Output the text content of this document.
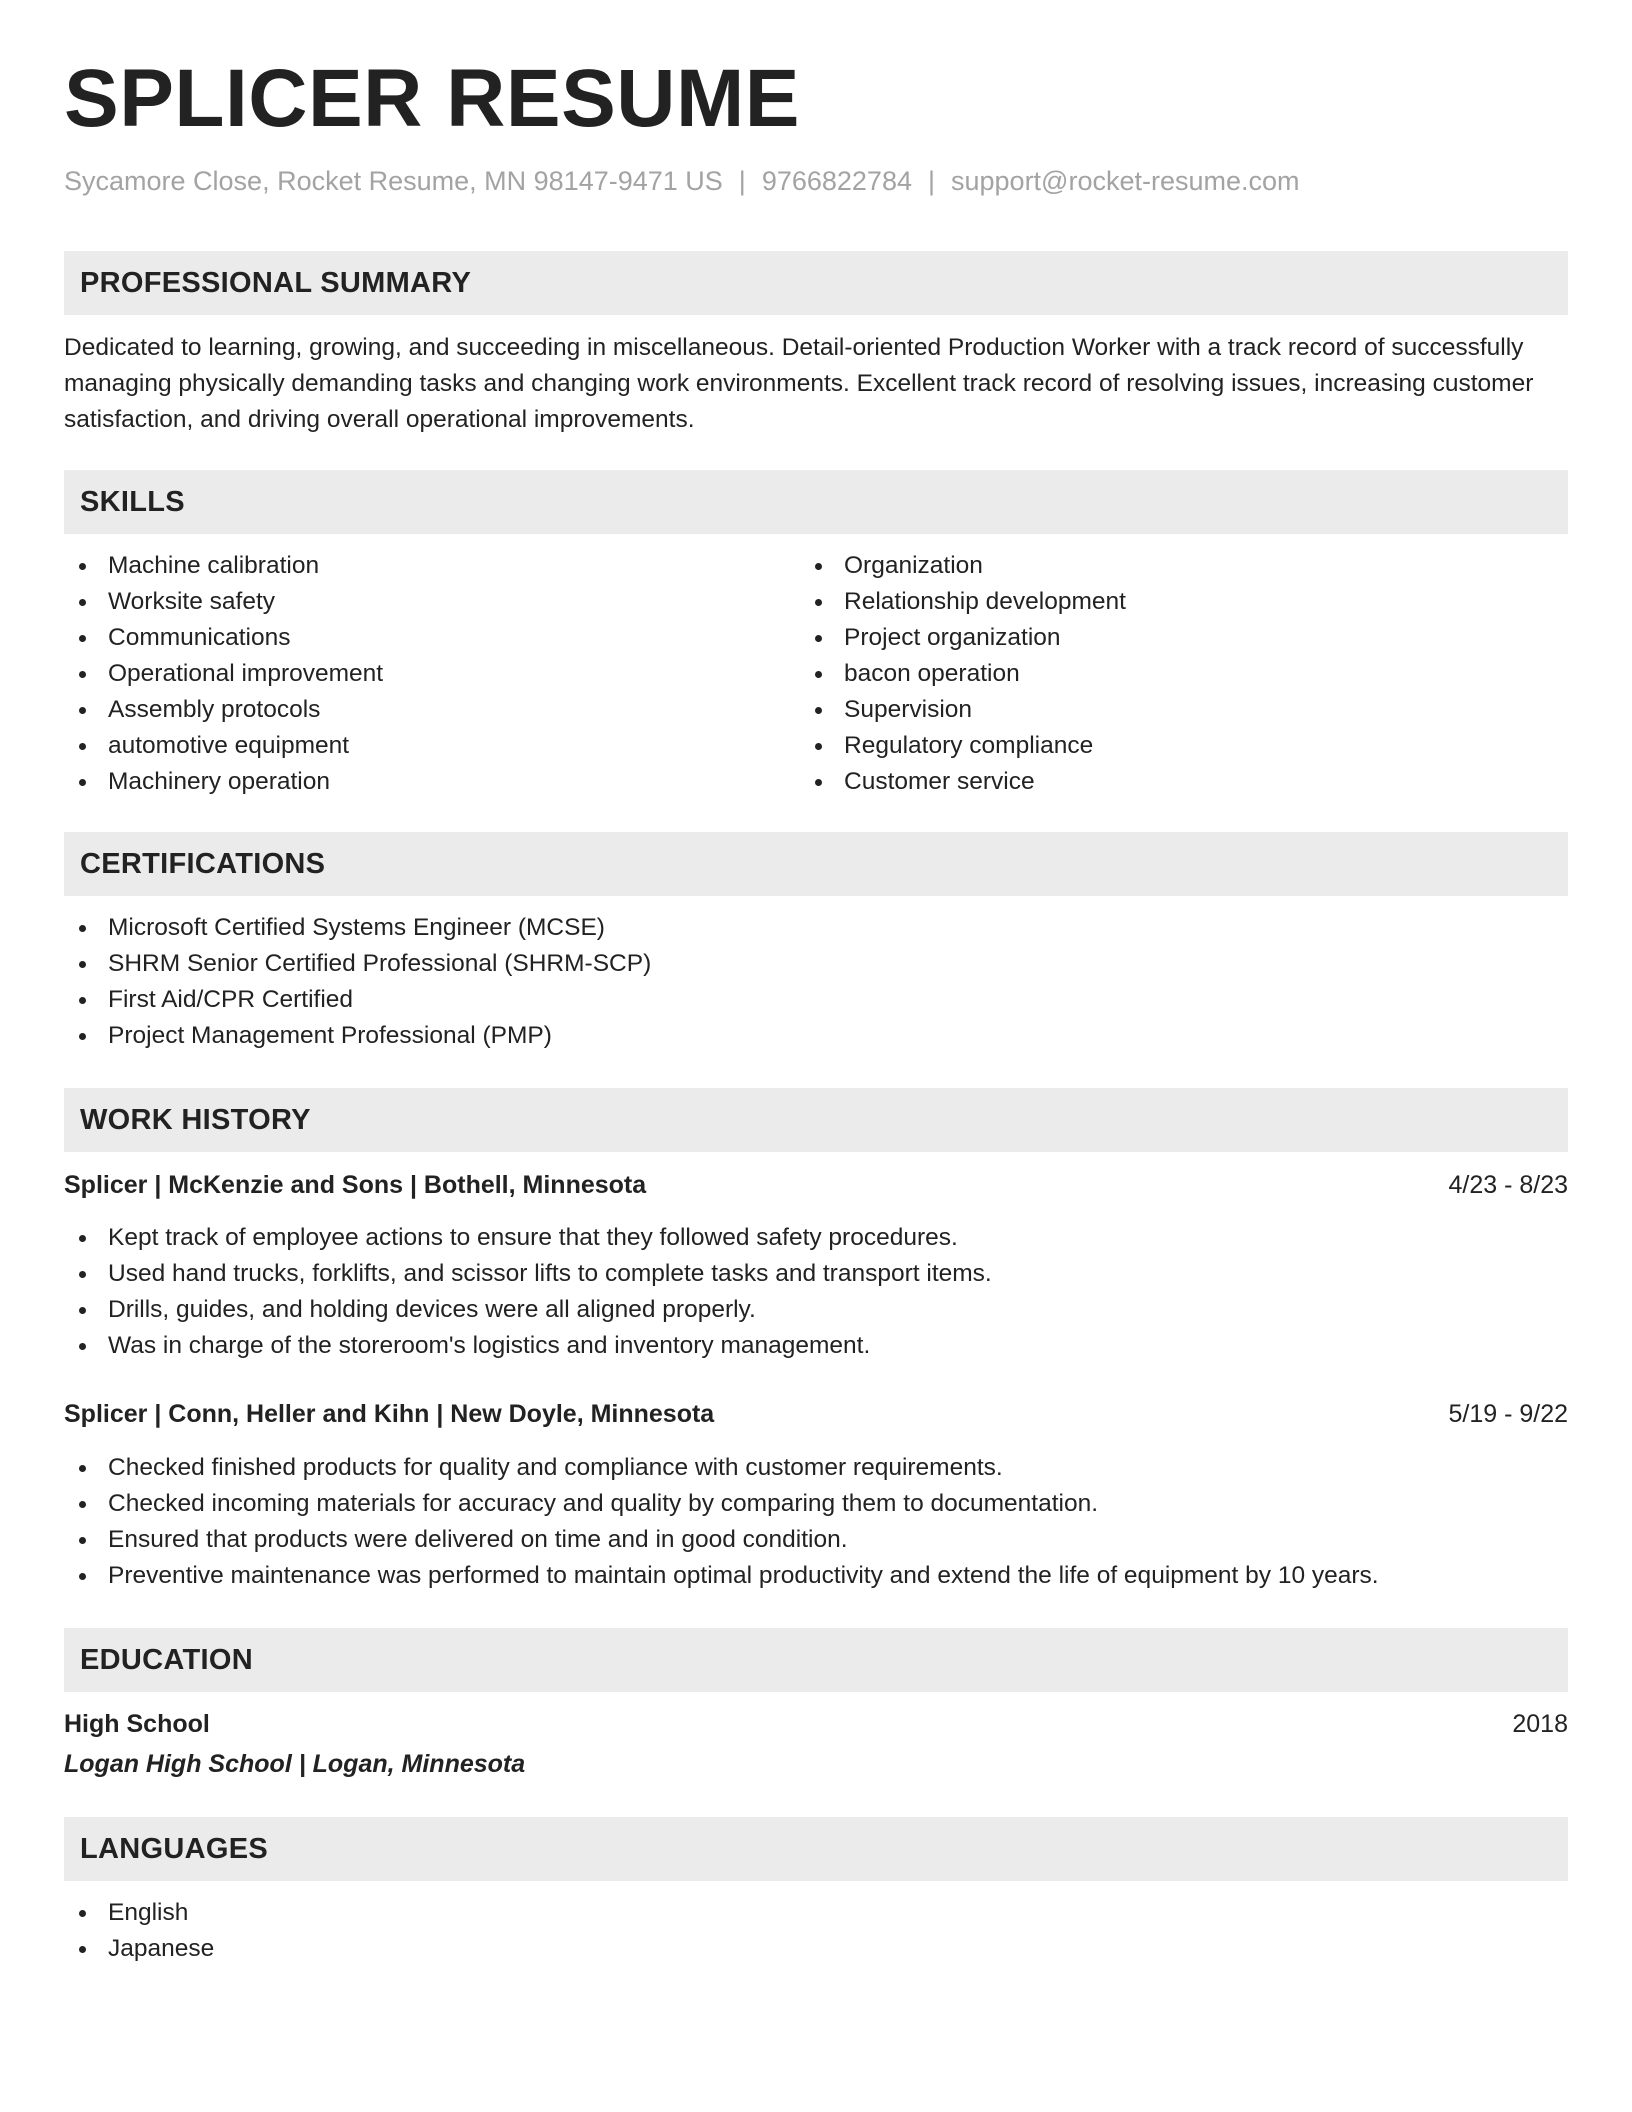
SPLICER RESUME
Sycamore Close, Rocket Resume, MN 98147-9471 US | 9766822784 | support@rocket-resume.com
PROFESSIONAL SUMMARY

Dedicated to learning, growing, and succeeding in miscellaneous. Detail-oriented Production Worker with a track record of successfully managing physically demanding tasks and changing work environments. Excellent track record of resolving issues, increasing customer satisfaction, and driving overall operational improvements.

SKILLS
Machine calibration
Worksite safety
Communications
Operational improvement
Assembly protocols
automotive equipment
Machinery operation
Organization
Relationship development
Project organization
bacon operation
Supervision
Regulatory compliance
Customer service
CERTIFICATIONS
Microsoft Certified Systems Engineer (MCSE)
SHRM Senior Certified Professional (SHRM-SCP)
First Aid/CPR Certified
Project Management Professional (PMP)
WORK HISTORY
Splicer | McKenzie and Sons | Bothell, Minnesota	4/23 - 8/23
Kept track of employee actions to ensure that they followed safety procedures.
Used hand trucks, forklifts, and scissor lifts to complete tasks and transport items.
Drills, guides, and holding devices were all aligned properly.
Was in charge of the storeroom's logistics and inventory management.
Splicer | Conn, Heller and Kihn | New Doyle, Minnesota	5/19 - 9/22
Checked finished products for quality and compliance with customer requirements.
Checked incoming materials for accuracy and quality by comparing them to documentation.
Ensured that products were delivered on time and in good condition.
Preventive maintenance was performed to maintain optimal productivity and extend the life of equipment by 10 years.
EDUCATION
High School	2018
Logan High School | Logan, Minnesota
LANGUAGES
English
Japanese
